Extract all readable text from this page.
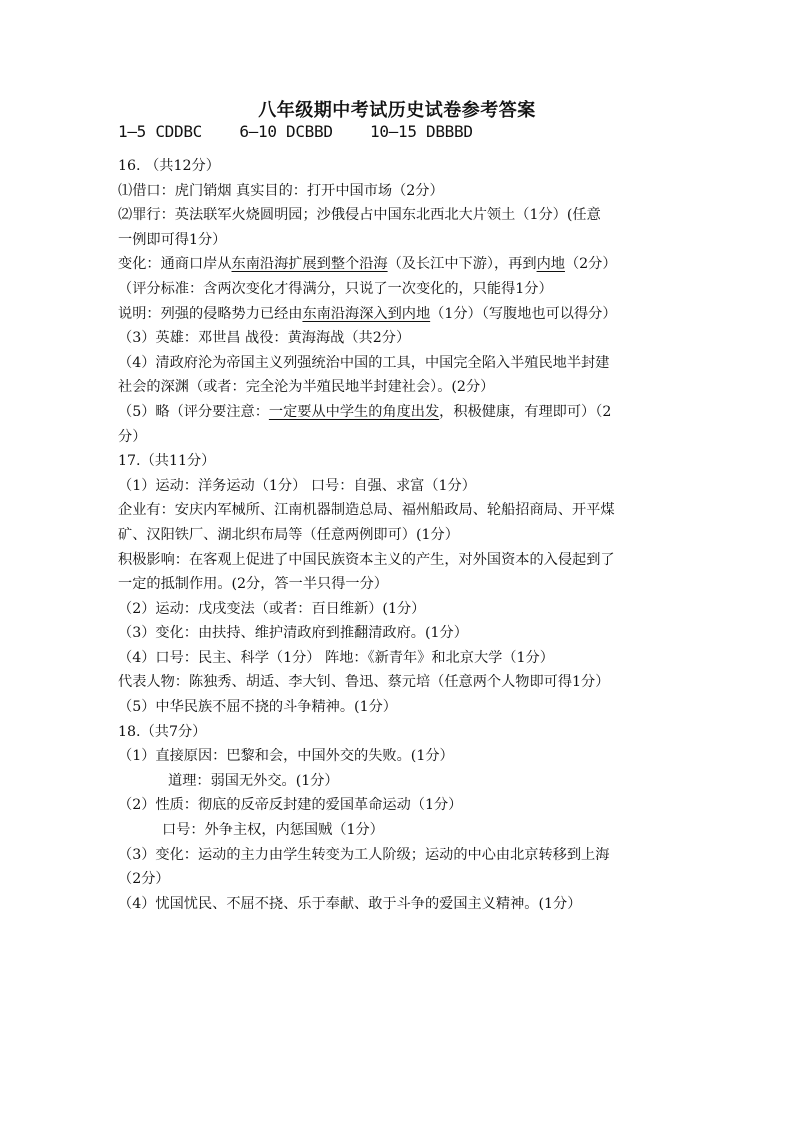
八年级期中考试历史试卷参考答案
1—5 CDDBC    6—10 DCBBD    10—15 DBBBD
16. （共12分）
⑴借口：虎门销烟 真实目的：打开中国市场（2分）
⑵罪行：英法联军火烧圆明园；沙俄侵占中国东北西北大片领土（1分）(任意
一例即可得1分）
变化：通商口岸从东南沿海扩展到整个沿海（及长江中下游），再到内地（2分）
（评分标准：含两次变化才得满分，只说了一次变化的，只能得1分）
说明：列强的侵略势力已经由东南沿海深入到内地（1分）（写腹地也可以得分）
（3）英雄：邓世昌 战役：黄海海战（共2分）
（4）清政府沦为帝国主义列强统治中国的工具，中国完全陷入半殖民地半封建
社会的深渊（或者：完全沦为半殖民地半封建社会）。(2分）
（5）略（评分要注意：一定要从中学生的角度出发，积极健康，有理即可）（2
分）
17.（共11分）
（1）运动：洋务运动（1分） 口号：自强、求富（1分）
企业有：安庆内军械所、江南机器制造总局、福州船政局、轮船招商局、开平煤
矿、汉阳铁厂、湖北织布局等（任意两例即可）(1分）
积极影响：在客观上促进了中国民族资本主义的产生，对外国资本的入侵起到了
一定的抵制作用。(2分，答一半只得一分）
（2）运动：戊戌变法（或者：百日维新）(1分）
（3）变化：由扶持、维护清政府到推翻清政府。(1分）
（4）口号：民主、科学（1分） 阵地：《新青年》和北京大学（1分）
代表人物：陈独秀、胡适、李大钊、鲁迅、蔡元培（任意两个人物即可得1分）
（5）中华民族不屈不挠的斗争精神。(1分）
18.（共7分）
（1）直接原因：巴黎和会，中国外交的失败。(1分）
道理：弱国无外交。(1分）
（2）性质：彻底的反帝反封建的爱国革命运动（1分）
口号：外争主权，内惩国贼（1分）
（3）变化：运动的主力由学生转变为工人阶级；运动的中心由北京转移到上海
（2分）
（4）忧国忧民、不屈不挠、乐于奉献、敢于斗争的爱国主义精神。(1分）
